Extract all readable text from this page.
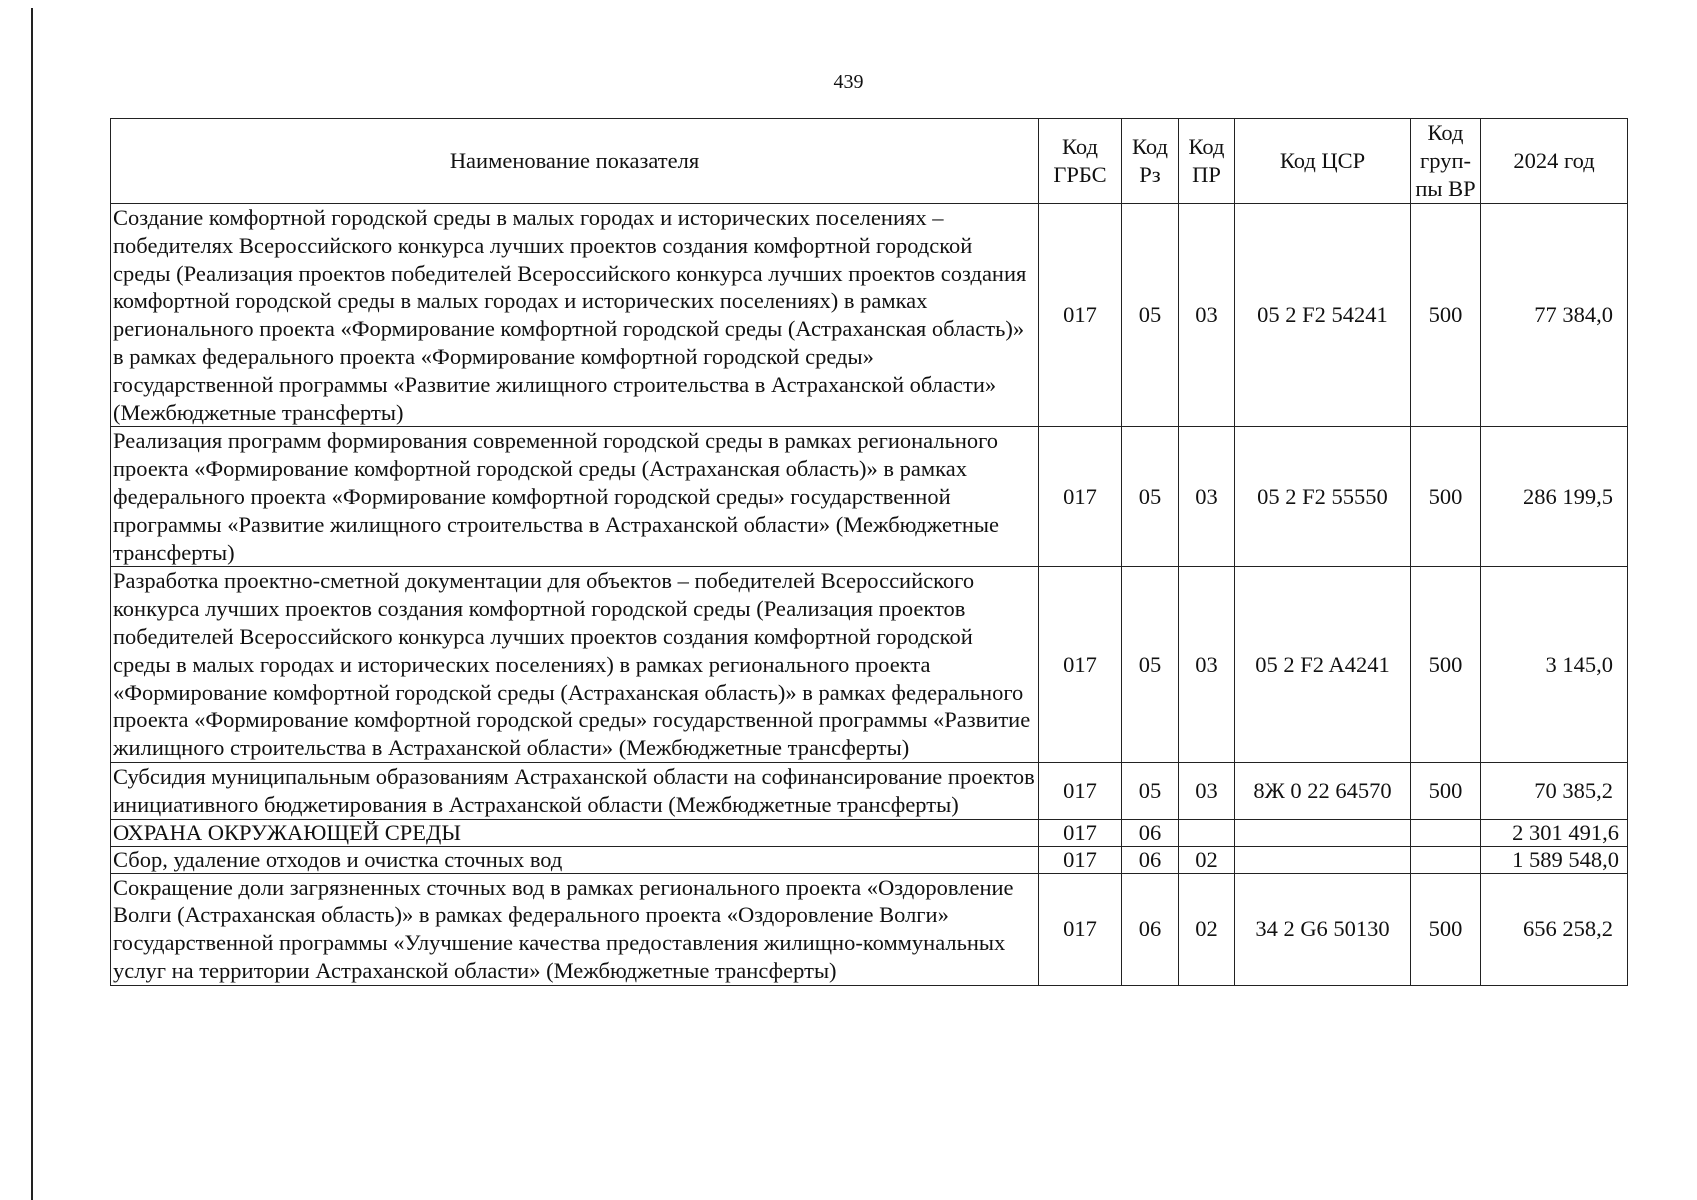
439
Наименование показателя	Код ГРБС	Код Рз	Код ПР	Код ЦСР	Код груп-пы ВР	2024 год
Создание комфортной городской среды в малых городах и исторических поселениях – победителях Всероссийского конкурса лучших проектов создания комфортной городской среды (Реализация проектов победителей Всероссийского конкурса лучших проектов создания комфортной городской среды в малых городах и исторических поселениях) в рамках регионального проекта «Формирование комфортной городской среды (Астраханская область)» в рамках федерального проекта «Формирование комфортной городской среды» государственной программы «Развитие жилищного строительства в Астраханской области» (Межбюджетные трансферты)	017	05	03	05 2 F2 54241	500	77 384,0
Реализация программ формирования современной городской среды в рамках регионального проекта «Формирование комфортной городской среды (Астраханская область)» в рамках федерального проекта «Формирование комфортной городской среды» государственной программы «Развитие жилищного строительства в Астраханской области» (Межбюджетные трансферты)	017	05	03	05 2 F2 55550	500	286 199,5
Разработка проектно-сметной документации для объектов – победителей Всероссийского конкурса лучших проектов создания комфортной городской среды (Реализация проектов победителей Всероссийского конкурса лучших проектов создания комфортной городской среды в малых городах и исторических поселениях) в рамках регионального проекта «Формирование комфортной городской среды (Астраханская область)» в рамках федерального проекта «Формирование комфортной городской среды» государственной программы «Развитие жилищного строительства в Астраханской области» (Межбюджетные трансферты)	017	05	03	05 2 F2 A4241	500	3 145,0
Субсидия муниципальным образованиям Астраханской области на софинансирование проектов инициативного бюджетирования в Астраханской области (Межбюджетные трансферты)	017	05	03	8Ж 0 22 64570	500	70 385,2
ОХРАНА ОКРУЖАЮЩЕЙ СРЕДЫ	017	06				2 301 491,6
Сбор, удаление отходов и очистка сточных вод	017	06	02			1 589 548,0
Сокращение доли загрязненных сточных вод в рамках регионального проекта «Оздоровление Волги (Астраханская область)» в рамках федерального проекта «Оздоровление Волги» государственной программы «Улучшение качества предоставления жилищно-коммунальных услуг на территории Астраханской области» (Межбюджетные трансферты)	017	06	02	34 2 G6 50130	500	656 258,2
